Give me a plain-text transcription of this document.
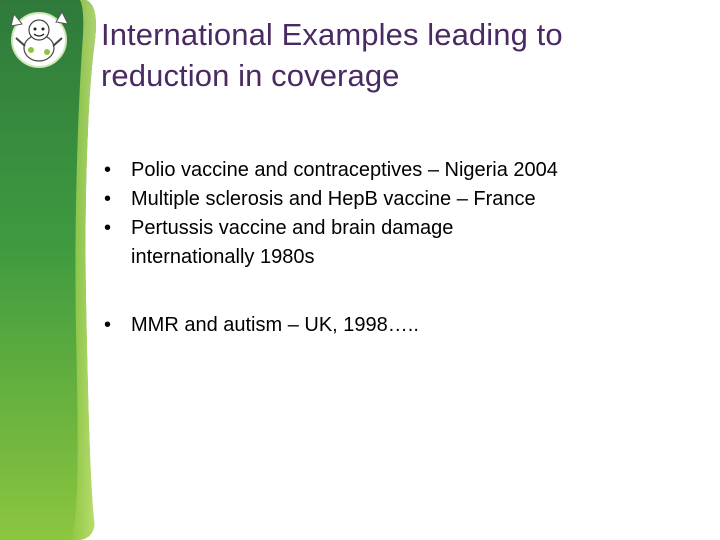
International Examples leading to
reduction in coverage
• Polio vaccine and contraceptives – Nigeria 2004
• Multiple sclerosis and HepB vaccine – France
• Pertussis vaccine and brain damage
internationally 1980s
• MMR and autism – UK, 1998…..
